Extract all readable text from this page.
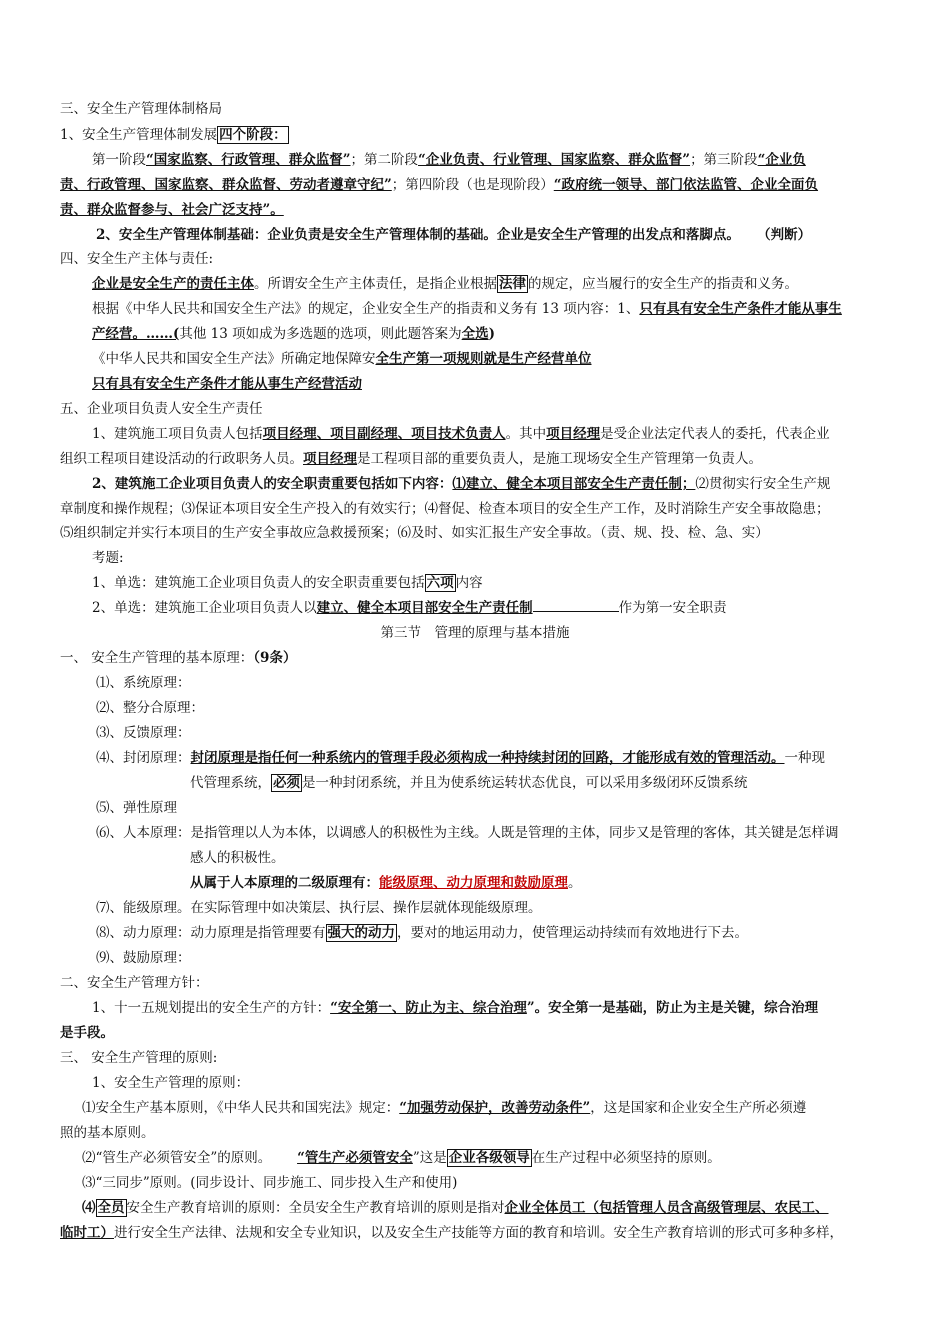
三、安全生产管理体制格局
1、安全生产管理体制发展 四个阶段：
第一阶段“国家监察、行政管理、群众监督”；第二阶段“企业负责、行业管理、国家监察、群众监督”；第三阶段“企业负
责、行政管理、国家监察、群众监督、劳动者遵章守纪”；第四阶段（也是现阶段）“政府统一领导、部门依法监管、企业全面负
责、群众监督参与、社会广泛支持”。
2、安全生产管理体制基础：企业负责是安全生产管理体制的基础。企业是安全生产管理的出发点和落脚点。 （判断）
四、安全生产主体与责任:
企业是安全生产的责任主体。所谓安全生产主体责任，是指企业根据 法律 的规定，应当履行的安全生产的指责和义务。
根据《中华人民共和国安全生产法》的规定，企业安全生产的指责和义务有 13 项内容：1、只有具有安全生产条件才能从事生
产经营。……(其他 13 项如成为多选题的选项，则此题答案为全选)
《中华人民共和国安全生产法》所确定地保障安全生产第一项规则就是生产经营单位
只有具有安全生产条件才能从事生产经营活动
五、企业项目负责人安全生产责任
1、建筑施工项目负责人包括项目经理、项目副经理、项目技术负责人。其中项目经理是受企业法定代表人的委托，代表企业
组织工程项目建设活动的行政职务人员。项目经理是工程项目部的重要负责人，是施工现场安全生产管理第一负责人。
2、建筑施工企业项目负责人的安全职责重要包括如下内容：⑴建立、健全本项目部安全生产责任制；⑵贯彻实行安全生产规
章制度和操作规程；⑶保证本项目安全生产投入的有效实行；⑷督促、检查本项目的安全生产工作，及时消除生产安全事故隐患；
⑸组织制定并实行本项目的生产安全事故应急救援预案；⑹及时、如实汇报生产安全事故。（责、规、投、检、急、实）
考题:
1、单选：建筑施工企业项目负责人的安全职责重要包括 六项 内容
2、单选：建筑施工企业项目负责人以建立、健全本项目部安全生产责任制	作为第一安全职责
第三节　管理的原理与基本措施
一、 安全生产管理的基本原理：（9条）
⑴、系统原理：
⑵、整分合原理：
⑶、反馈原理：
⑷、封闭原理：封闭原理是指任何一种系统内的管理手段必须构成一种持续封闭的回路，才能形成有效的管理活动。一种现
代管理系统， 必须 是一种封闭系统，并且为使系统运转状态优良，可以采用多级闭环反馈系统
⑸、弹性原理
⑹、人本原理：是指管理以人为本体，以调感人的积极性为主线。人既是管理的主体，同步又是管理的客体，其关键是怎样调
感人的积极性。
从属于人本原理的二级原理有：能级原理、动力原理和鼓励原理。
⑺、能级原理。在实际管理中如决策层、执行层、操作层就体现能级原理。
⑻、动力原理：动力原理是指管理要有 强大的动力 ，要对的地运用动力，使管理运动持续而有效地进行下去。
⑼、鼓励原理：
二、安全生产管理方针：
1、十一五规划提出的安全生产的方针：“安全第一、防止为主、综合治理”。安全第一是基础，防止为主是关键，综合治理
是手段。
三、 安全生产管理的原则:
1、安全生产管理的原则：
⑴安全生产基本原则，《中华人民共和国宪法》规定：“加强劳动保护，改善劳动条件”，这是国家和企业安全生产所必须遵
照的基本原则。
⑵“管生产必须管安全”的原则。 “管生产必须管安全”这是 企业各级领导 在生产过程中必须坚持的原则。
⑶“三同步”原则。(同步设计、同步施工、同步投入生产和使用)
⑷ 全员 安全生产教育培训的原则：全员安全生产教育培训的原则是指对企业全体员工（包括管理人员含高级管理层、农民工、
临时工）进行安全生产法律、法规和安全专业知识，以及安全生产技能等方面的教育和培训。安全生产教育培训的形式可多种多样，
